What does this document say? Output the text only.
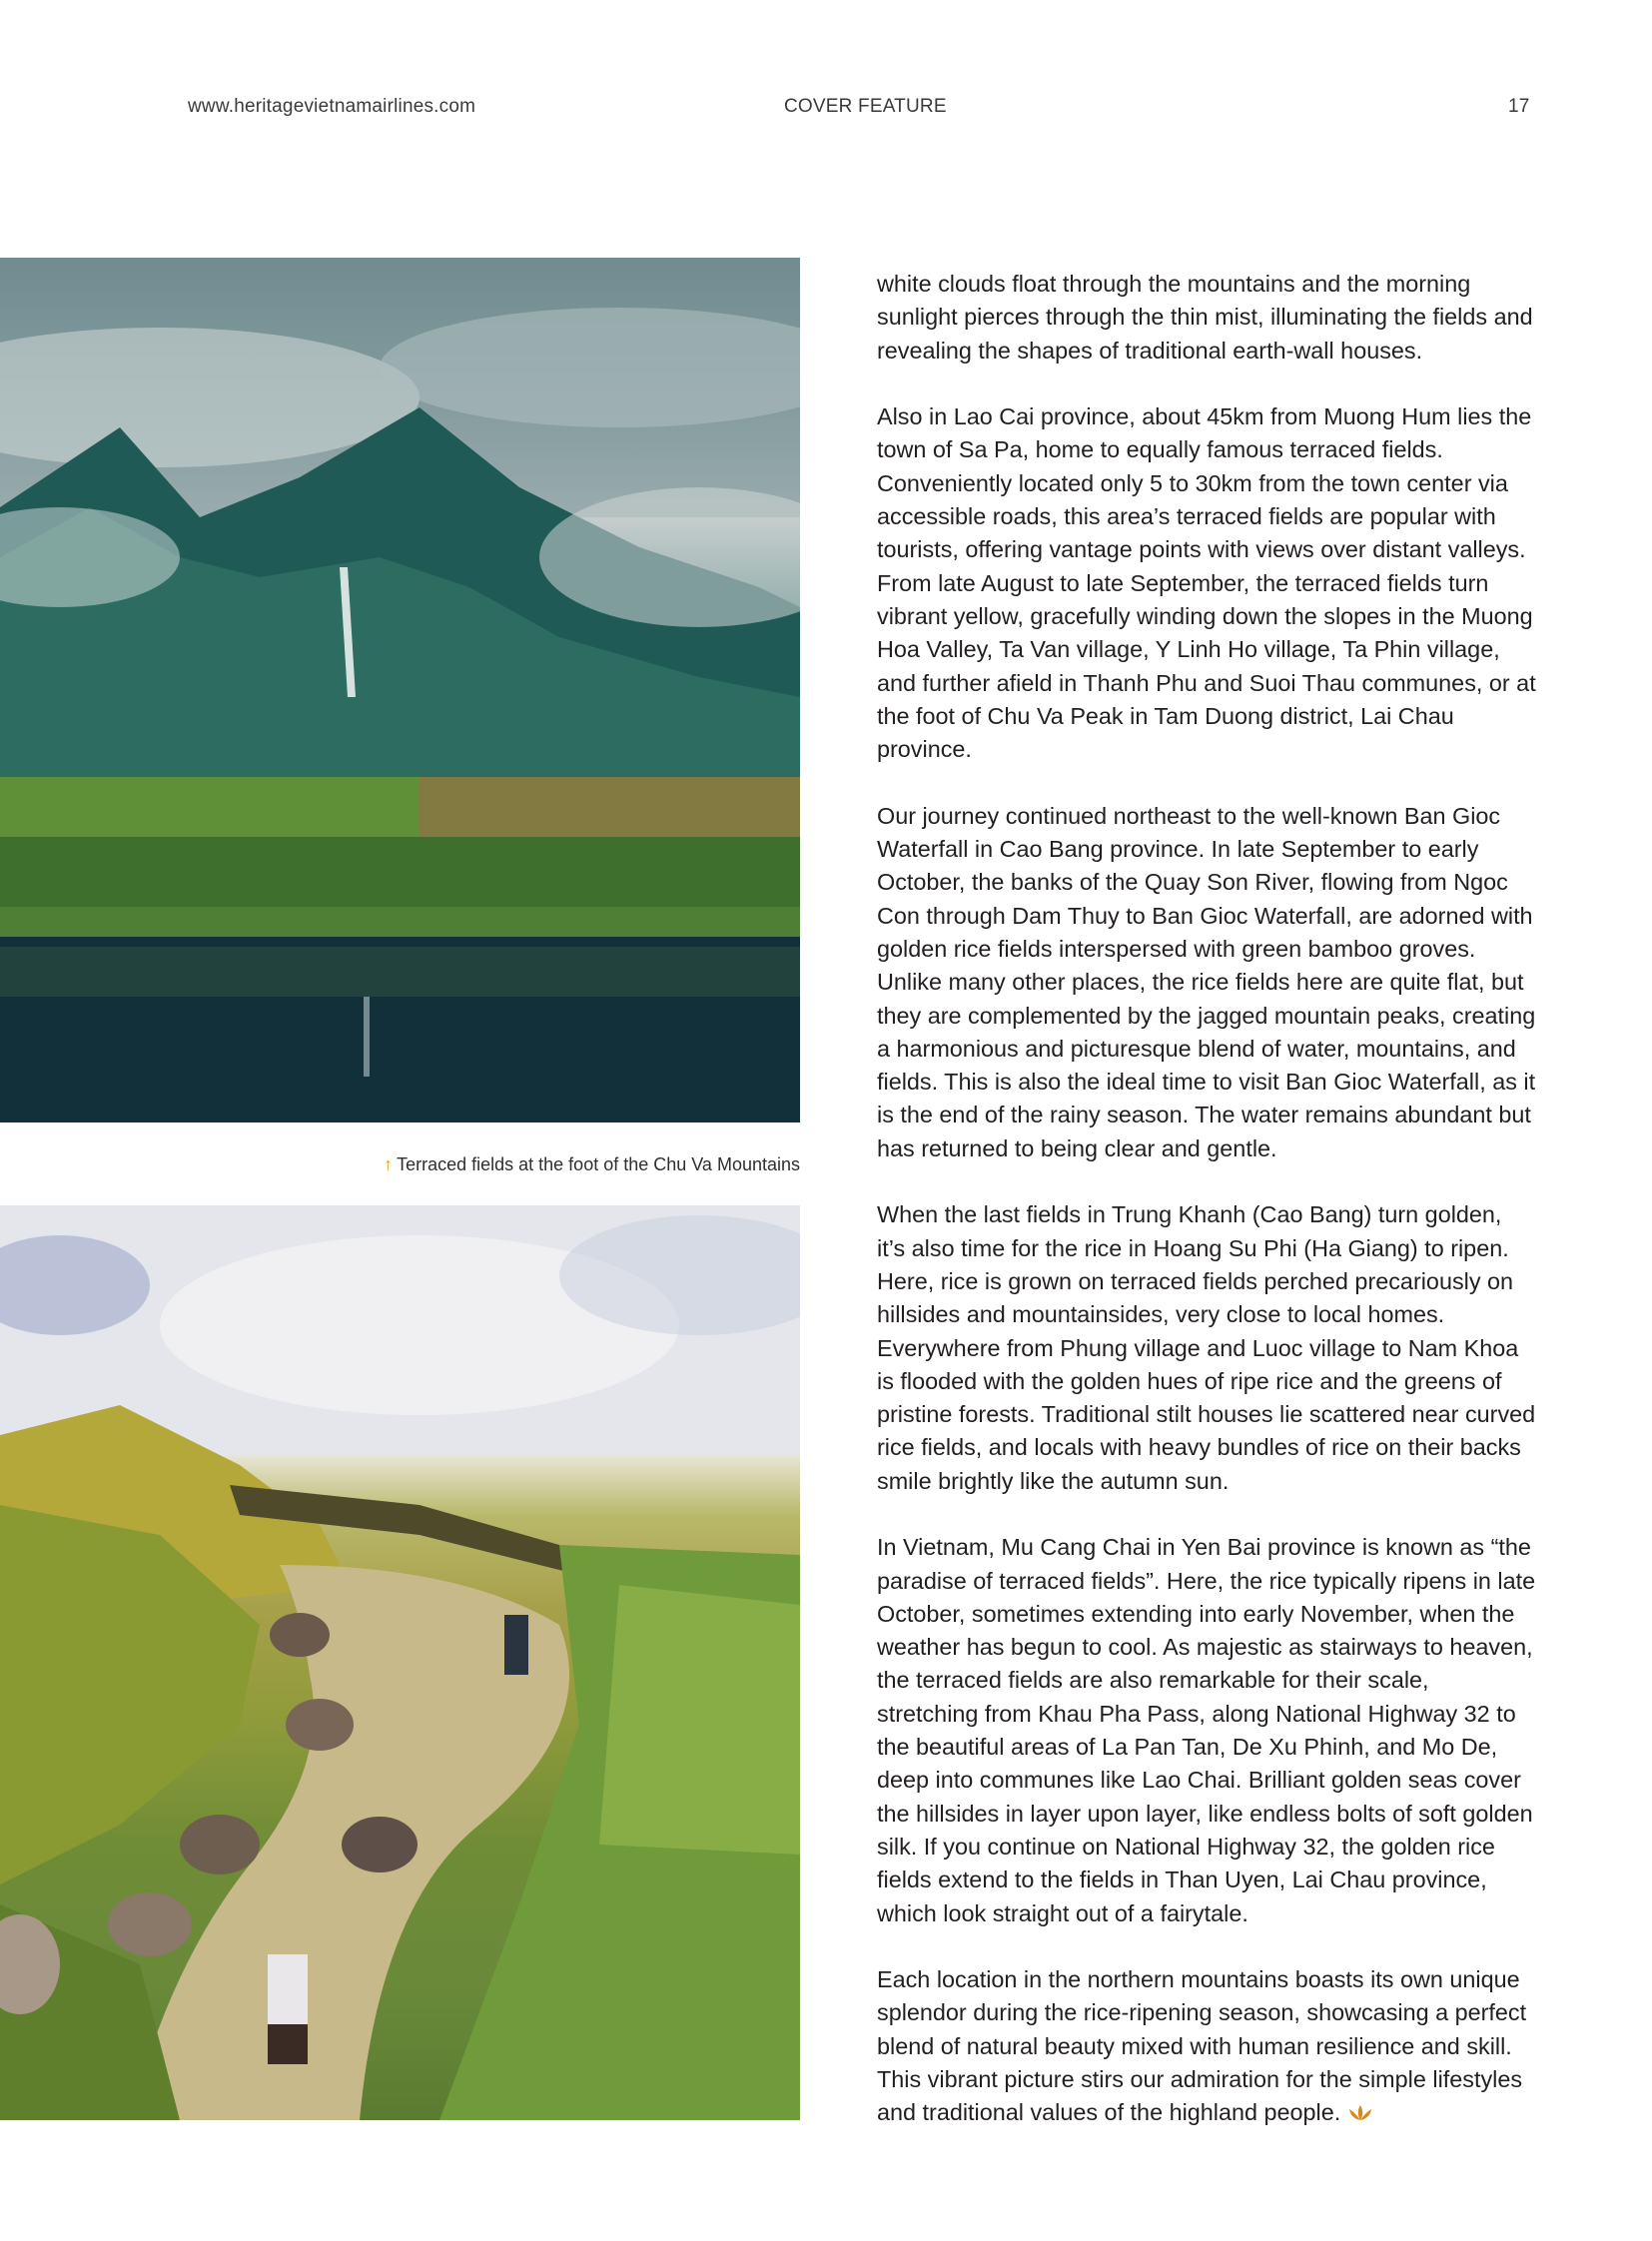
www.heritagevietnamairlines.com	COVER FEATURE	17
↑ Terraced fields at the foot of the Chu Va Mountains

white clouds float through the mountains and the morning sunlight pierces through the thin mist, illuminating the fields and revealing the shapes of traditional earth-wall houses.

Also in Lao Cai province, about 45km from Muong Hum lies the town of Sa Pa, home to equally famous terraced fields. Conveniently located only 5 to 30km from the town center via accessible roads, this area’s terraced fields are popular with tourists, offering vantage points with views over distant valleys. From late August to late September, the terraced fields turn vibrant yellow, gracefully winding down the slopes in the Muong Hoa Valley, Ta Van village, Y Linh Ho village, Ta Phin village, and further afield in Thanh Phu and Suoi Thau communes, or at the foot of Chu Va Peak in Tam Duong district, Lai Chau province.

Our journey continued northeast to the well-known Ban Gioc Waterfall in Cao Bang province. In late September to early October, the banks of the Quay Son River, flowing from Ngoc Con through Dam Thuy to Ban Gioc Waterfall, are adorned with golden rice fields interspersed with green bamboo groves. Unlike many other places, the rice fields here are quite flat, but they are complemented by the jagged mountain peaks, creating a harmonious and picturesque blend of water, mountains, and fields. This is also the ideal time to visit Ban Gioc Waterfall, as it is the end of the rainy season. The water remains abundant but has returned to being clear and gentle.

When the last fields in Trung Khanh (Cao Bang) turn golden, it’s also time for the rice in Hoang Su Phi (Ha Giang) to ripen. Here, rice is grown on terraced fields perched precariously on hillsides and mountainsides, very close to local homes. Everywhere from Phung village and Luoc village to Nam Khoa is flooded with the golden hues of ripe rice and the greens of pristine forests. Traditional stilt houses lie scattered near curved rice fields, and locals with heavy bundles of rice on their backs smile brightly like the autumn sun.

In Vietnam, Mu Cang Chai in Yen Bai province is known as “the paradise of terraced fields”. Here, the rice typically ripens in late October, sometimes extending into early November, when the weather has begun to cool. As majestic as stairways to heaven, the terraced fields are also remarkable for their scale, stretching from Khau Pha Pass, along National Highway 32 to the beautiful areas of La Pan Tan, De Xu Phinh, and Mo De, deep into communes like Lao Chai. Brilliant golden seas cover the hillsides in layer upon layer, like endless bolts of soft golden silk. If you continue on National Highway 32, the golden rice fields extend to the fields in Than Uyen, Lai Chau province, which look straight out of a fairytale.

Each location in the northern mountains boasts its own unique splendor during the rice-ripening season, showcasing a perfect blend of natural beauty mixed with human resilience and skill. This vibrant picture stirs our admiration for the simple lifestyles and traditional values of the highland people.
